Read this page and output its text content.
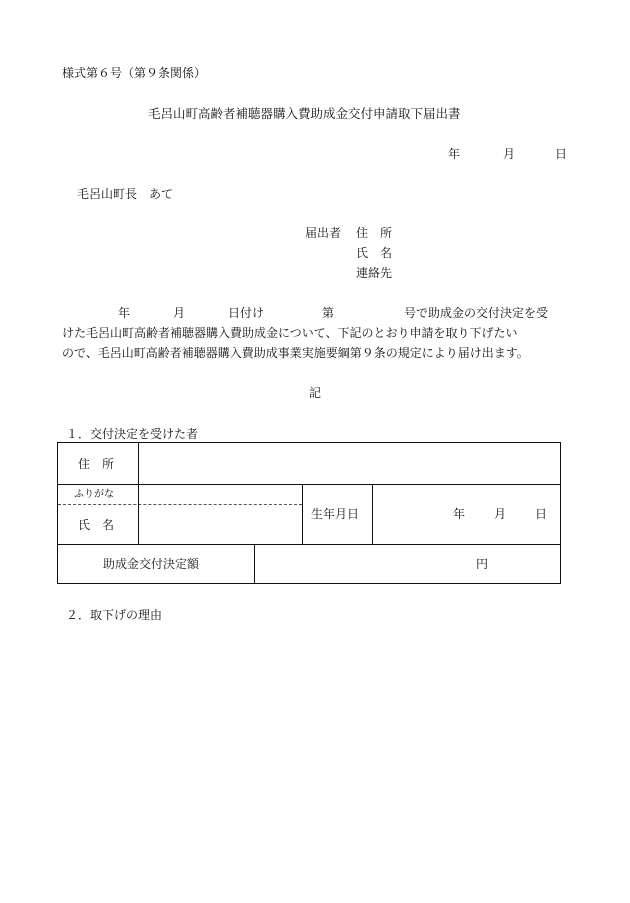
様式第６号（第９条関係）
毛呂山町高齢者補聴器購入費助成金交付申請取下届出書
年	月	日
毛呂山町長　あて
届出者 住　所
氏　名
連絡先
年	月	日付け	第	号で助成金の交付決定を受
けた毛呂山町高齢者補聴器購入費助成金について、下記のとおり申請を取り下げたい
ので、毛呂山町高齢者補聴器購入費助成事業実施要綱第９条の規定により届け出ます。
記
１．交付決定を受けた者
住　所
ふりがな
氏　名
生年月日	年 月 日
助成金交付決定額	円
２．取下げの理由
